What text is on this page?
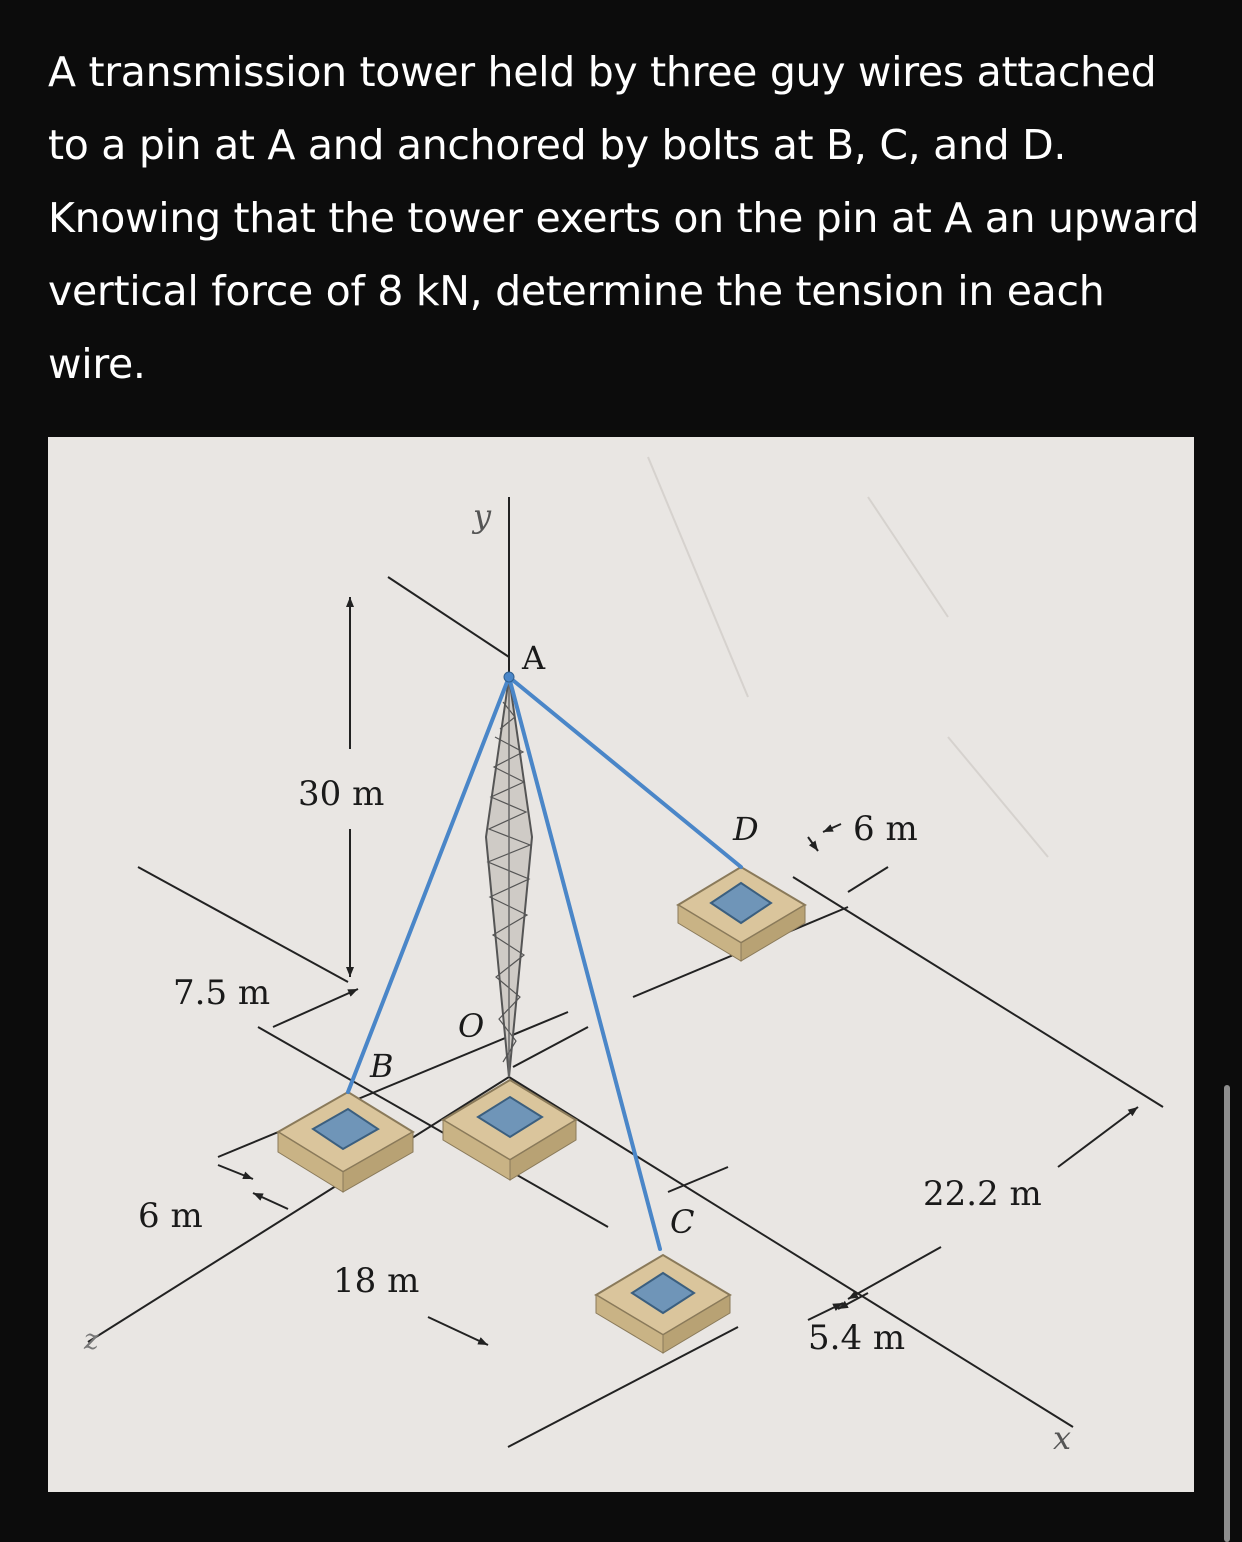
A transmission tower held by three guy wires attached to a pin at A and anchored by bolts at B, C, and D. Knowing that the tower exerts on the pin at A an upward vertical force of 8 kN, determine the tension in each wire.

A
B
C
D
O
y
x
z
30 m
7.5 m
6 m
18 m
6 m
5.4 m
22.2 m
